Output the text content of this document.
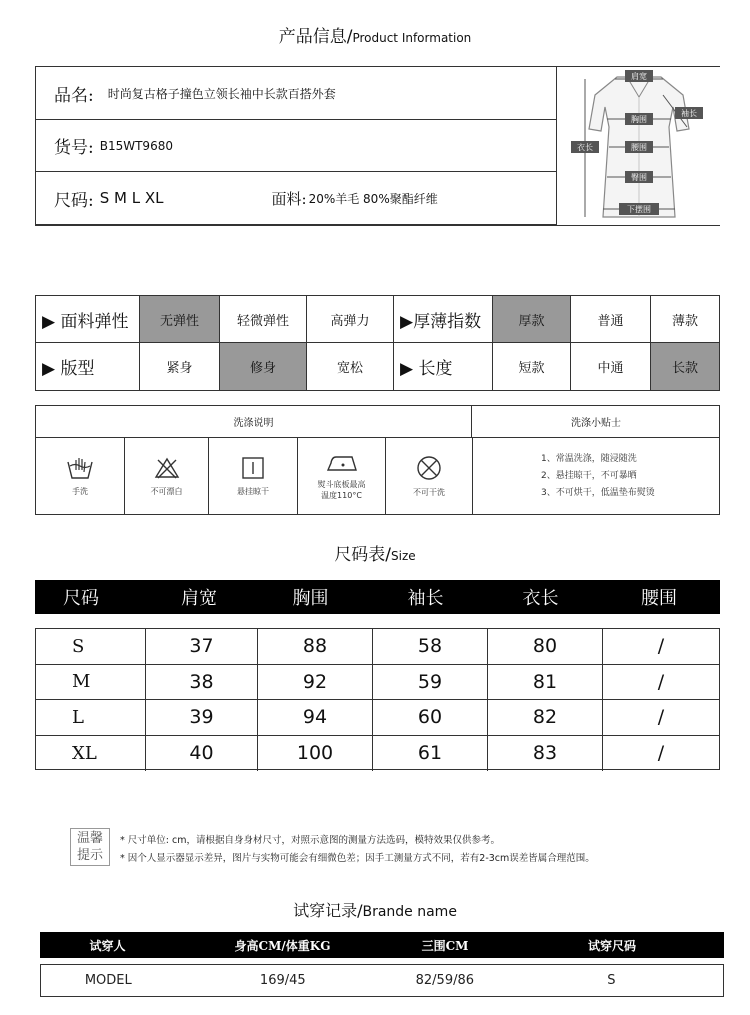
产品信息/Product Information
品名: 时尚复古格子撞色立领长袖中长款百搭外套
货号: B15WT9680
尺码: S M L XL	面料: 20%羊毛 80%聚酯纤维
肩宽
袖长
胸围
衣长	腰围
臀围
下摆围
▶ 面料弹性	无弹性	轻微弹性	高弹力	▶厚薄指数	厚款	普通	薄款
▶ 版型	紧身	修身	宽松	▶ 长度	短款	中通	长款
洗涤说明	洗涤小贴士
手洗	不可漂白	悬挂晾干
熨斗底板最高
温度110°C	不可干洗
1、常温洗涤，随浸随洗
2、悬挂晾干，不可暴晒
3、不可烘干，低温垫布熨烫
尺码表/Size
尺码	肩宽	胸围	袖长	衣长	腰围
S	37	88	58	80	/
M	38	92	59	81	/
L	39	94	60	82	/
XL	40	100	61	83	/
温馨
提示
* 尺寸单位: cm，请根据自身身材尺寸，对照示意图的测量方法选码，模特效果仅供参考。
* 因个人显示器显示差异，图片与实物可能会有细微色差；因手工测量方式不同，若有2-3cm误差皆属合理范围。
试穿记录/Brande name
试穿人	身高CM/体重KG	三围CM	试穿尺码
MODEL	169/45	82/59/86	S
